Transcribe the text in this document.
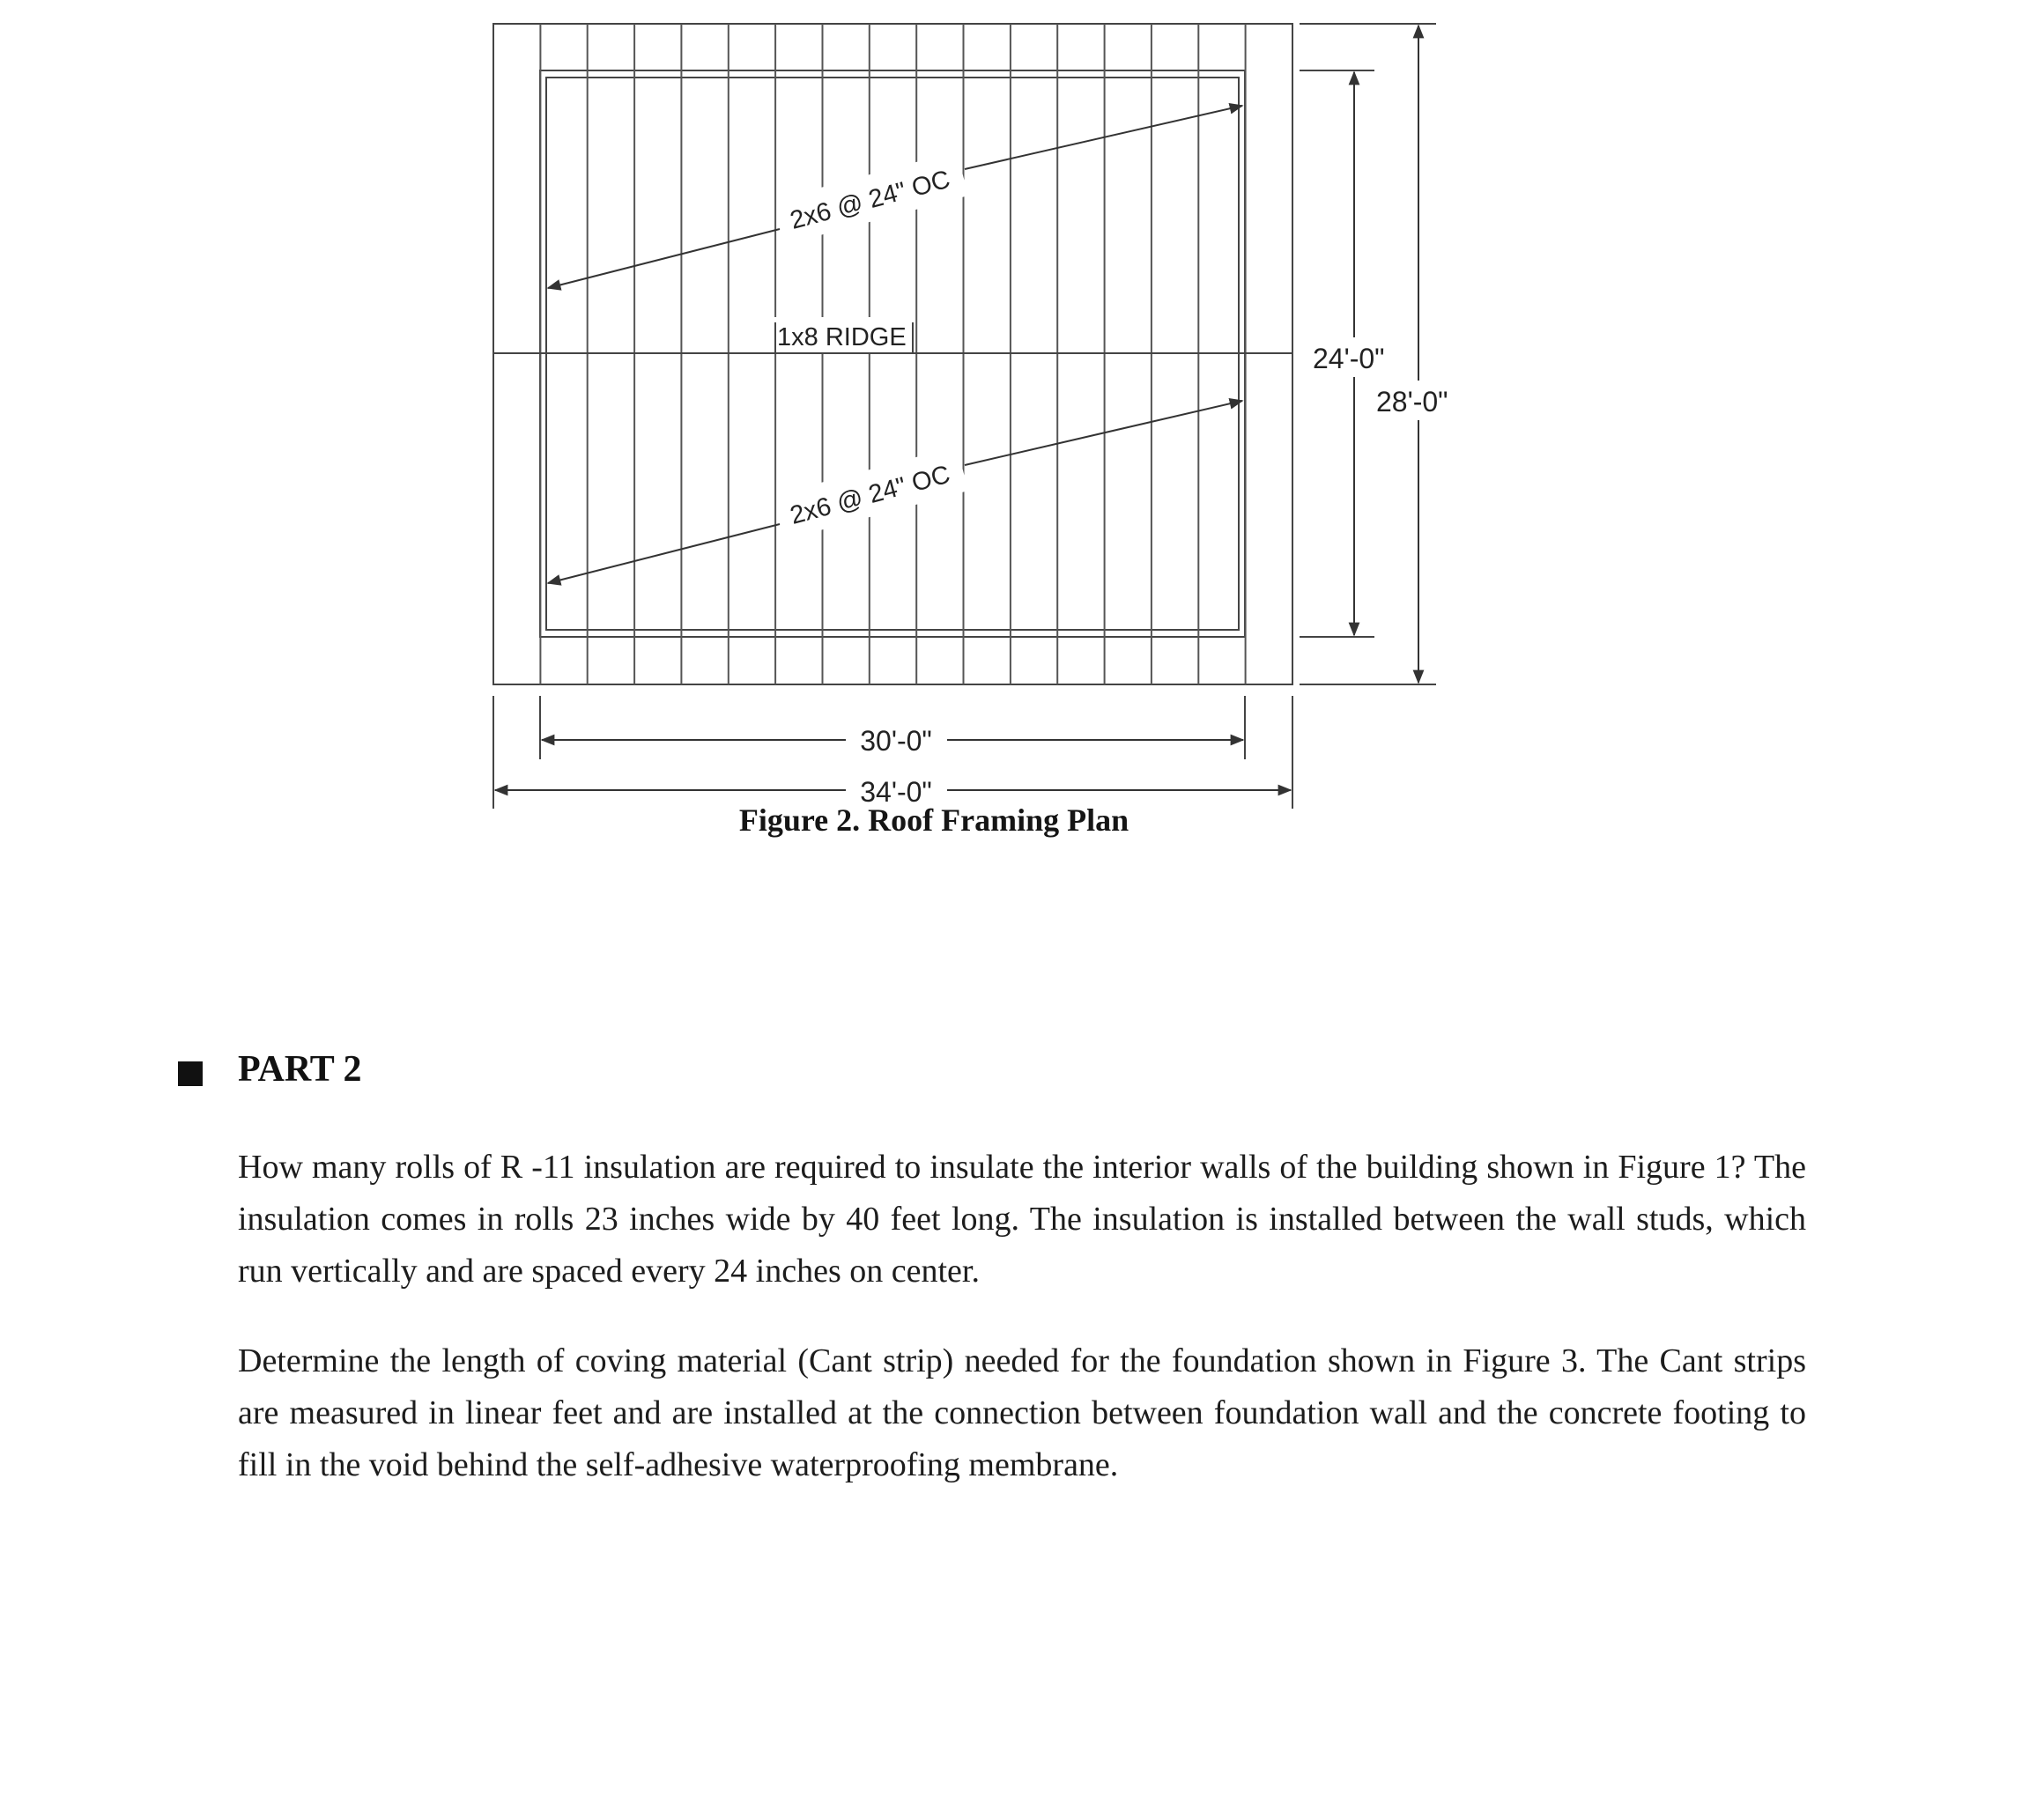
2x6 @ 24" OC
1x8 RIDGE
2x6 @ 24" OC
24'-0"
28'-0"
30'-0"
34'-0"
Figure 2. Roof Framing Plan
PART 2

How many rolls of R -11 insulation are required to insulate the interior walls of the building shown in Figure 1? The insulation comes in rolls 23 inches wide by 40 feet long. The insulation is installed between the wall studs, which run vertically and are spaced every 24 inches on center.

Determine the length of coving material (Cant strip) needed for the foundation shown in Figure 3. The Cant strips are measured in linear feet and are installed at the connection between foundation wall and the concrete footing to fill in the void behind the self-adhesive waterproofing membrane.
